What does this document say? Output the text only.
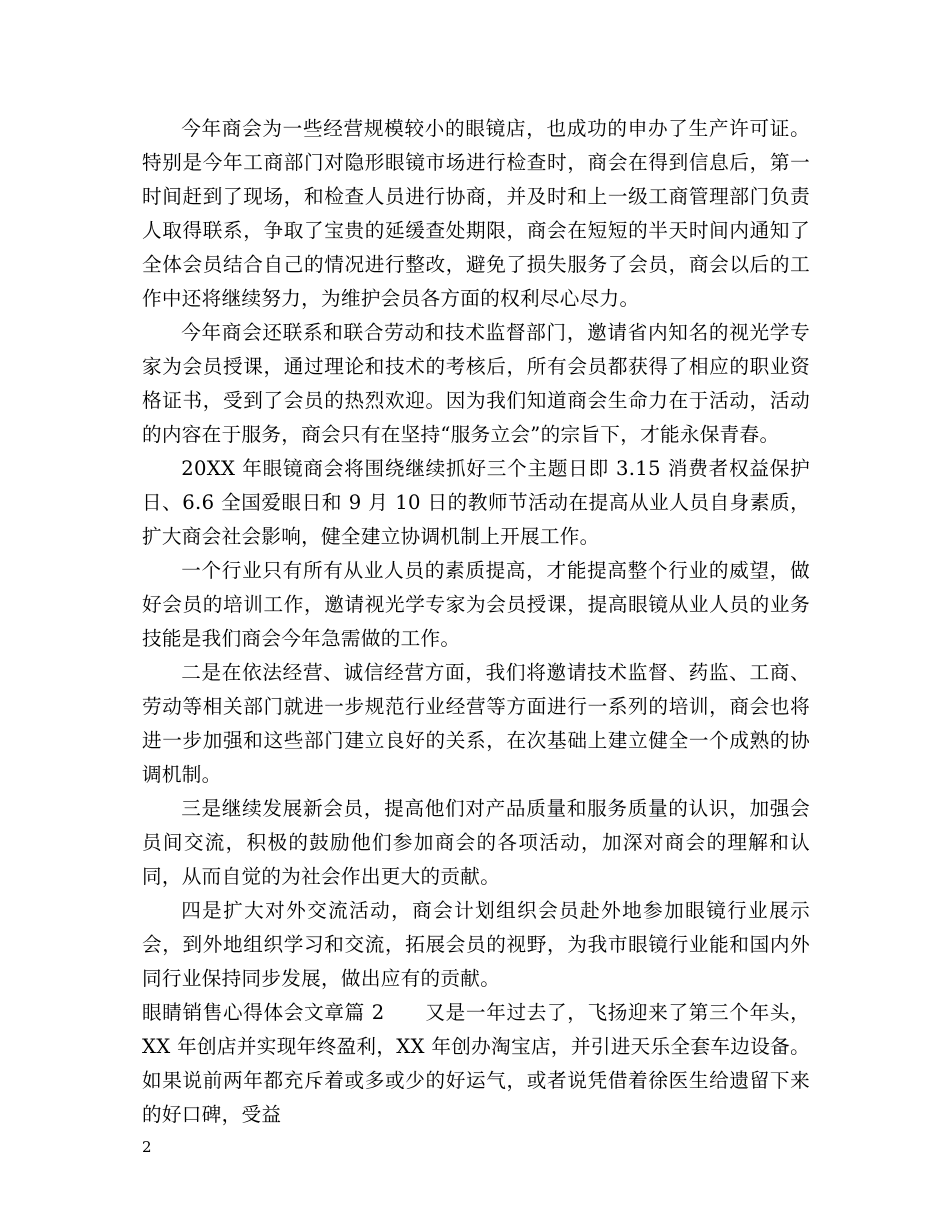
今年商会为一些经营规模较小的眼镜店，也成功的申办了生产许可证。特别是今年工商部门对隐形眼镜市场进行检查时，商会在得到信息后，第一时间赶到了现场，和检查人员进行协商，并及时和上一级工商管理部门负责人取得联系，争取了宝贵的延缓查处期限，商会在短短的半天时间内通知了全体会员结合自己的情况进行整改，避免了损失服务了会员，商会以后的工作中还将继续努力，为维护会员各方面的权利尽心尽力。

今年商会还联系和联合劳动和技术监督部门，邀请省内知名的视光学专家为会员授课，通过理论和技术的考核后，所有会员都获得了相应的职业资格证书，受到了会员的热烈欢迎。因为我们知道商会生命力在于活动，活动的内容在于服务，商会只有在坚持“服务立会”的宗旨下，才能永保青春。

20XX 年眼镜商会将围绕继续抓好三个主题日即 3.15 消费者权益保护日、6.6 全国爱眼日和 9 月 10 日的教师节活动在提高从业人员自身素质，扩大商会社会影响，健全建立协调机制上开展工作。

一个行业只有所有从业人员的素质提高，才能提高整个行业的威望，做好会员的培训工作，邀请视光学专家为会员授课，提高眼镜从业人员的业务技能是我们商会今年急需做的工作。

二是在依法经营、诚信经营方面，我们将邀请技术监督、药监、工商、劳动等相关部门就进一步规范行业经营等方面进行一系列的培训，商会也将进一步加强和这些部门建立良好的关系，在次基础上建立健全一个成熟的协调机制。

三是继续发展新会员，提高他们对产品质量和服务质量的认识，加强会员间交流，积极的鼓励他们参加商会的各项活动，加深对商会的理解和认同，从而自觉的为社会作出更大的贡献。

四是扩大对外交流活动，商会计划组织会员赴外地参加眼镜行业展示会，到外地组织学习和交流，拓展会员的视野，为我市眼镜行业能和国内外同行业保持同步发展，做出应有的贡献。

眼睛销售心得体会文章篇 2　　又是一年过去了，飞扬迎来了第三个年头，XX 年创店并实现年终盈利，XX 年创办淘宝店，并引进天乐全套车边设备。如果说前两年都充斥着或多或少的好运气，或者说凭借着徐医生给遗留下来的好口碑，受益

2
